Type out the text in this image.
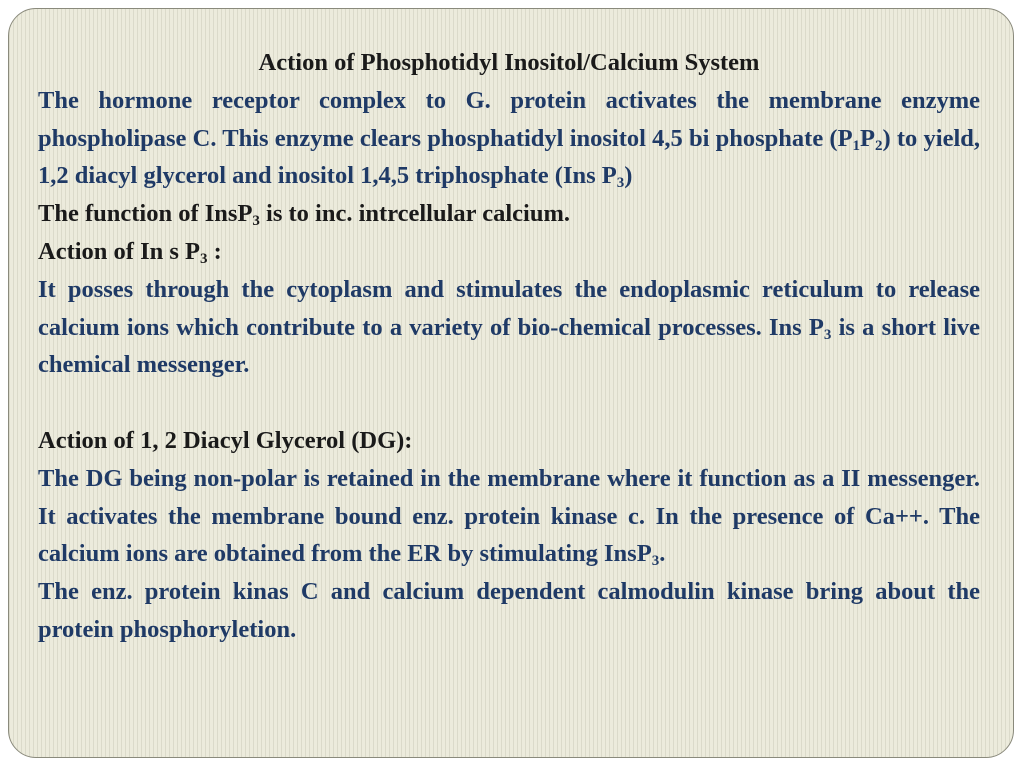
Action of Phosphotidyl Inositol/Calcium System

The hormone receptor complex to G. protein activates the membrane enzyme phospholipase C. This enzyme clears phosphatidyl inositol 4,5 bi phosphate $(P_1P_2)$ to yield, 1,2 diacyl glycerol and inositol 1,4,5 triphosphate (Ins $P_3$)

The function of InsP$_3$ is to inc. intrcellular calcium.

Action of In s $P_3$ :

It posses through the cytoplasm and stimulates the endoplasmic reticulum to release calcium ions which contribute to a variety of bio-chemical processes. Ins $P_3$ is a short live chemical messenger.

Action of 1, 2 Diacyl Glycerol (DG):

The DG being non-polar is retained in the membrane where it function as a II messenger. It activates the membrane bound enz. protein kinase c. In the presence of Ca++. The calcium ions are obtained from the ER by stimulating InsP$_3$.

The enz. protein kinas C and calcium dependent calmodulin kinase bring about the protein phosphoryletion.
